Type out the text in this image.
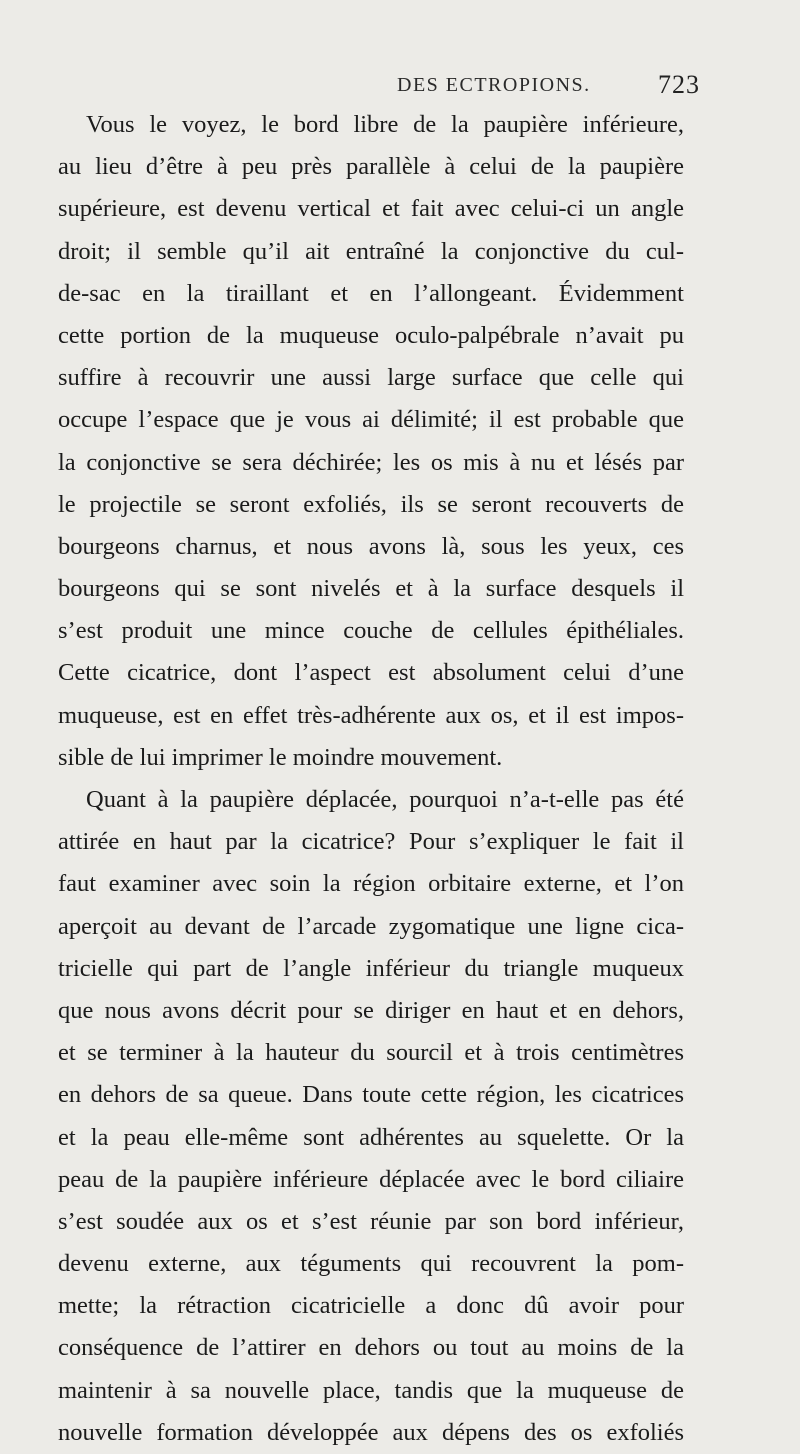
DES ECTROPIONS.	723
Vous le voyez, le bord libre de la paupière inférieure,
au lieu d’être à peu près parallèle à celui de la paupière
supérieure, est devenu vertical et fait avec celui-ci un angle
droit; il semble qu’il ait entraîné la conjonctive du cul-
de-sac en la tiraillant et en l’allongeant. Évidemment
cette portion de la muqueuse oculo-palpébrale n’avait pu
suffire à recouvrir une aussi large surface que celle qui
occupe l’espace que je vous ai délimité; il est probable que
la conjonctive se sera déchirée; les os mis à nu et lésés par
le projectile se seront exfoliés, ils se seront recouverts de
bourgeons charnus, et nous avons là, sous les yeux, ces
bourgeons qui se sont nivelés et à la surface desquels il
s’est produit une mince couche de cellules épithéliales.
Cette cicatrice, dont l’aspect est absolument celui d’une
muqueuse, est en effet très-adhérente aux os, et il est impos-
sible de lui imprimer le moindre mouvement.
Quant à la paupière déplacée, pourquoi n’a-t-elle pas été
attirée en haut par la cicatrice? Pour s’expliquer le fait il
faut examiner avec soin la région orbitaire externe, et l’on
aperçoit au devant de l’arcade zygomatique une ligne cica-
tricielle qui part de l’angle inférieur du triangle muqueux
que nous avons décrit pour se diriger en haut et en dehors,
et se terminer à la hauteur du sourcil et à trois centimètres
en dehors de sa queue. Dans toute cette région, les cicatrices
et la peau elle-même sont adhérentes au squelette. Or la
peau de la paupière inférieure déplacée avec le bord ciliaire
s’est soudée aux os et s’est réunie par son bord inférieur,
devenu externe, aux téguments qui recouvrent la pom-
mette; la rétraction cicatricielle a donc dû avoir pour
conséquence de l’attirer en dehors ou tout au moins de la
maintenir à sa nouvelle place, tandis que la muqueuse de
nouvelle formation développée aux dépens des os exfoliés
